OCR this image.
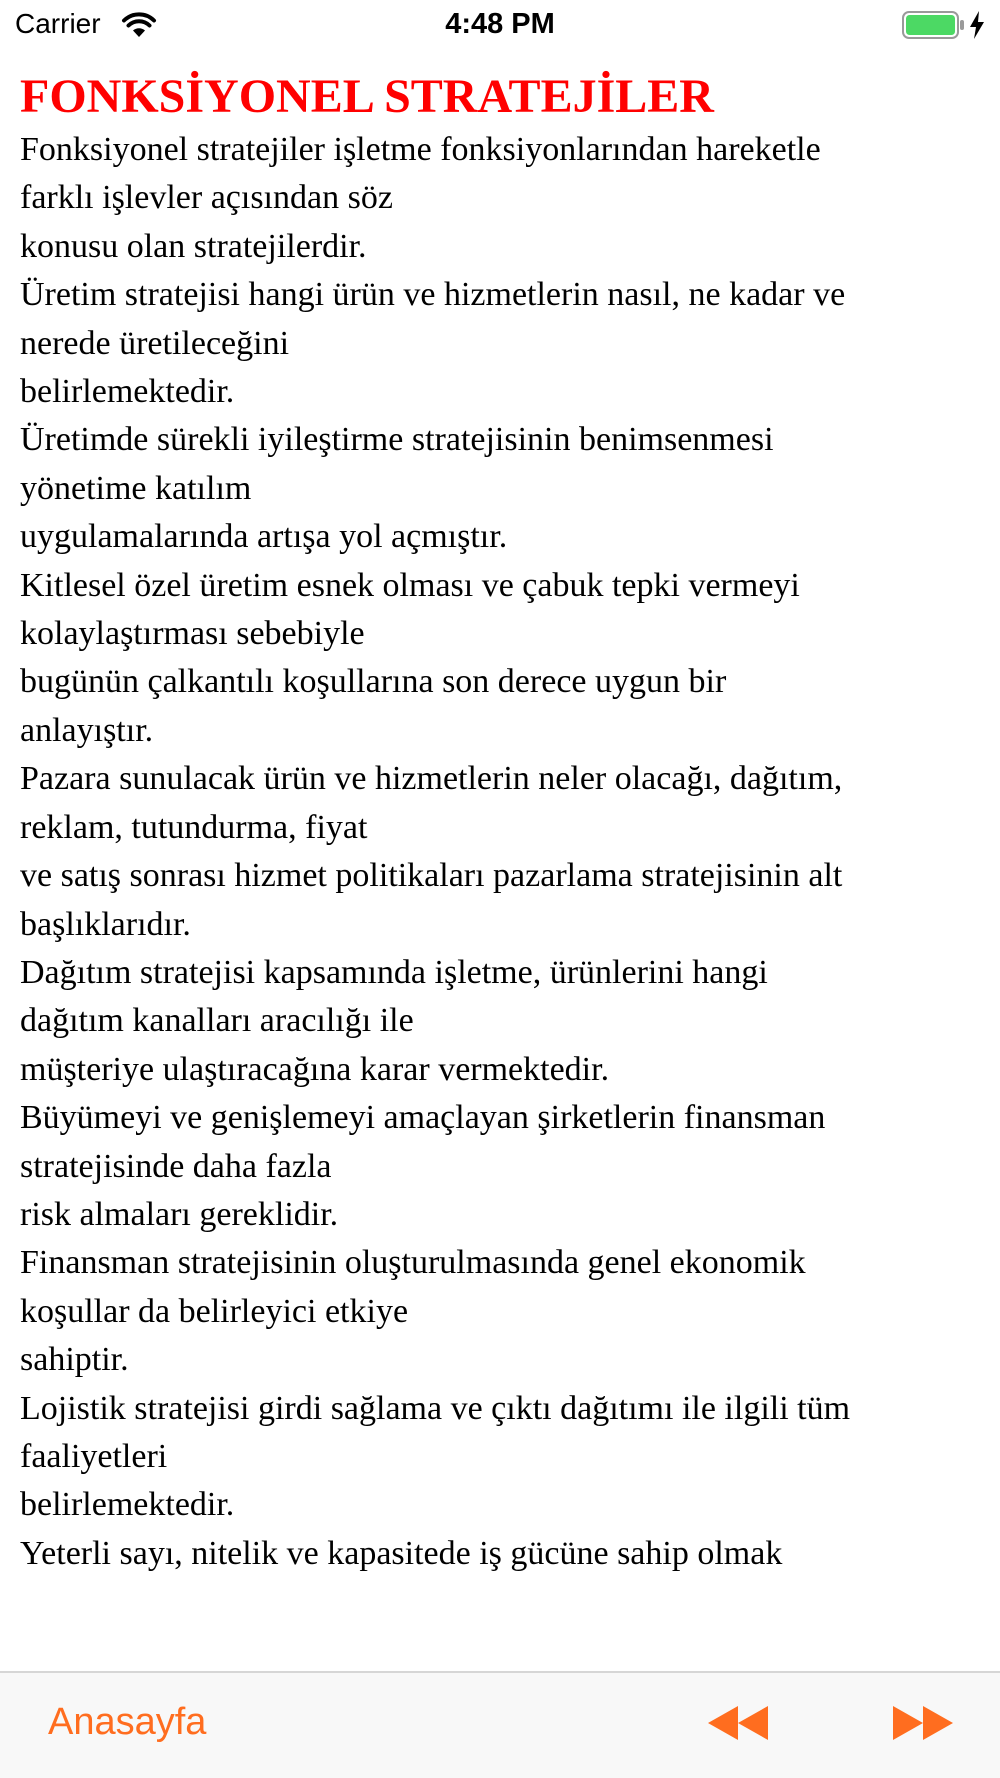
Carrier	4:48 PM
FONKSİYONEL STRATEJİLER
Fonksiyonel stratejiler işletme fonksiyonlarından hareketle
farklı işlevler açısından söz
konusu olan stratejilerdir.
Üretim stratejisi hangi ürün ve hizmetlerin nasıl, ne kadar ve
nerede üretileceğini
belirlemektedir.
Üretimde sürekli iyileştirme stratejisinin benimsenmesi
yönetime katılım
uygulamalarında artışa yol açmıştır.
Kitlesel özel üretim esnek olması ve çabuk tepki vermeyi
kolaylaştırması sebebiyle
bugünün çalkantılı koşullarına son derece uygun bir
anlayıştır.
Pazara sunulacak ürün ve hizmetlerin neler olacağı, dağıtım,
reklam, tutundurma, fiyat
ve satış sonrası hizmet politikaları pazarlama stratejisinin alt
başlıklarıdır.
Dağıtım stratejisi kapsamında işletme, ürünlerini hangi
dağıtım kanalları aracılığı ile
müşteriye ulaştıracağına karar vermektedir.
Büyümeyi ve genişlemeyi amaçlayan şirketlerin finansman
stratejisinde daha fazla
risk almaları gereklidir.
Finansman stratejisinin oluşturulmasında genel ekonomik
koşullar da belirleyici etkiye
sahiptir.
Lojistik stratejisi girdi sağlama ve çıktı dağıtımı ile ilgili tüm
faaliyetleri
belirlemektedir.
Yeterli sayı, nitelik ve kapasitede iş gücüne sahip olmak
Anasayfa
